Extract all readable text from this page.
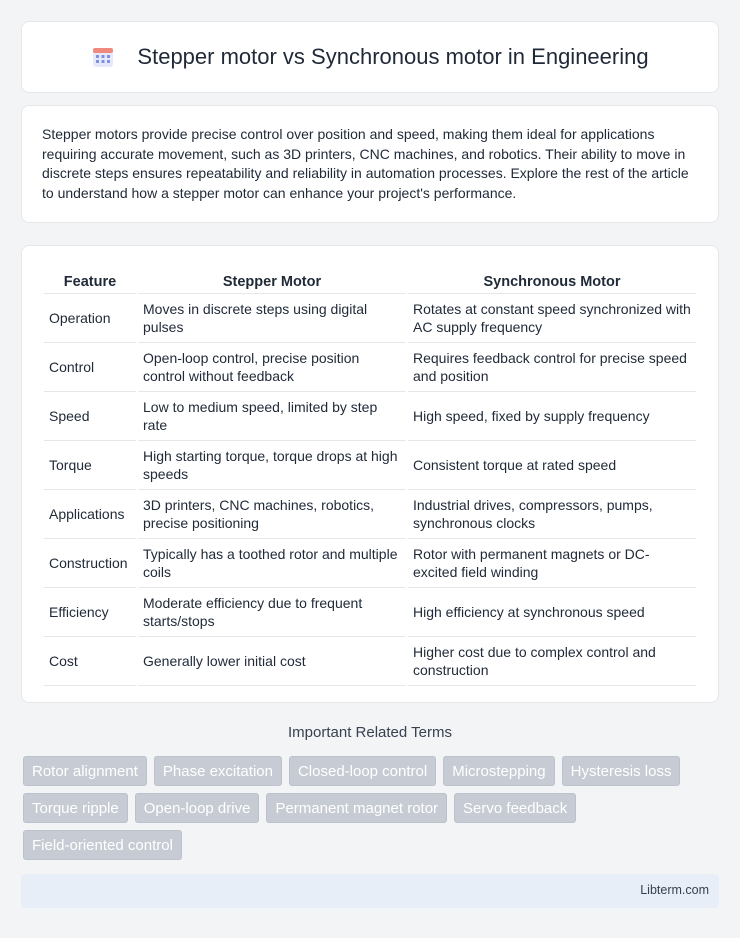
Stepper motor vs Synchronous motor in Engineering

Stepper motors provide precise control over position and speed, making them ideal for applications requiring accurate movement, such as 3D printers, CNC machines, and robotics. Their ability to move in discrete steps ensures repeatability and reliability in automation processes. Explore the rest of the article to understand how a stepper motor can enhance your project's performance.

Feature	Stepper Motor	Synchronous Motor
Operation	Moves in discrete steps using digital pulses	Rotates at constant speed synchronized with AC supply frequency
Control	Open-loop control, precise position control without feedback	Requires feedback control for precise speed and position
Speed	Low to medium speed, limited by step rate	High speed, fixed by supply frequency
Torque	High starting torque, torque drops at high speeds	Consistent torque at rated speed
Applications	3D printers, CNC machines, robotics, precise positioning	Industrial drives, compressors, pumps, synchronous clocks
Construction	Typically has a toothed rotor and multiple coils	Rotor with permanent magnets or DC-excited field winding
Efficiency	Moderate efficiency due to frequent starts/stops	High efficiency at synchronous speed
Cost	Generally lower initial cost	Higher cost due to complex control and construction
Important Related Terms
Rotor alignment	Phase excitation	Closed-loop control	Microstepping	Hysteresis loss
Torque ripple	Open-loop drive	Permanent magnet rotor	Servo feedback
Field-oriented control
Libterm.com
